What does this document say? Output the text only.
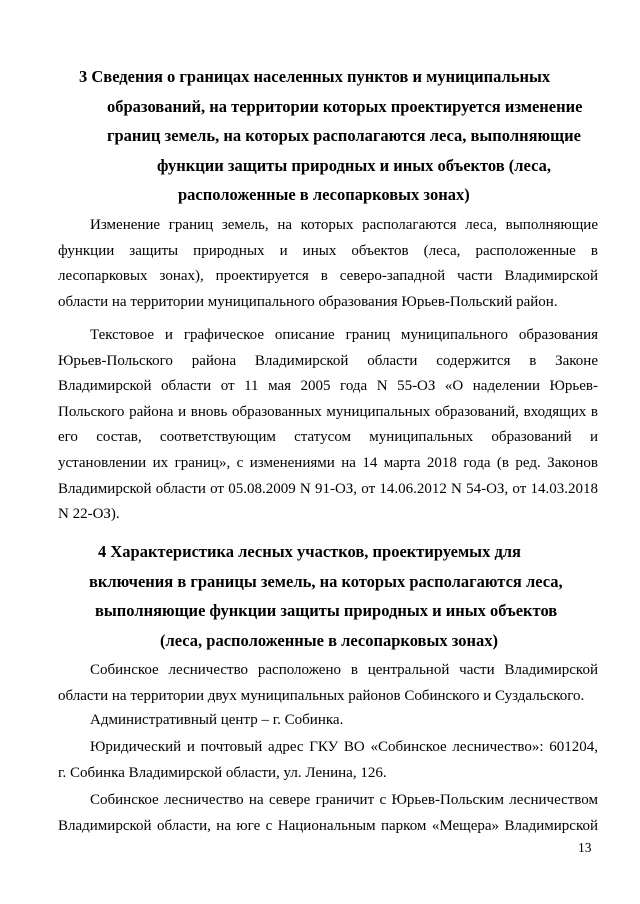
3 Сведения о границах населенных пунктов и муниципальных
образований, на территории которых проектируется изменение
границ земель, на которых располагаются леса, выполняющие
функции защиты природных и иных объектов (леса,
расположенные в лесопарковых зонах)

Изменение границ земель, на которых располагаются леса, выполняющие
функции защиты природных и иных объектов (леса, расположенные в
лесопарковых зонах), проектируется в северо-западной части Владимирской
области на территории муниципального образования Юрьев-Польский район.

Текстовое и графическое описание границ муниципального образования
Юрьев-Польского района Владимирской области содержится в Законе
Владимирской области от 11 мая 2005 года N 55-ОЗ «О наделении Юрьев-
Польского района и вновь образованных муниципальных образований, входящих в
его состав, соответствующим статусом муниципальных образований и
установлении их границ», с изменениями на 14 марта 2018 года (в ред. Законов
Владимирской области от 05.08.2009 N 91-ОЗ, от 14.06.2012 N 54-ОЗ, от 14.03.2018
N 22-ОЗ).

4 Характеристика лесных участков, проектируемых для
включения в границы земель, на которых располагаются леса,
выполняющие функции защиты природных и иных объектов
(леса, расположенные в лесопарковых зонах)

Собинское лесничество расположено в центральной части Владимирской
области на территории двух муниципальных районов Собинского и Суздальского.

Административный центр – г. Собинка.

Юридический и почтовый адрес ГКУ ВО «Собинское лесничество»: 601204,
г. Собинка Владимирской области, ул. Ленина, 126.

Собинское лесничество на севере граничит с Юрьев-Польским лесничеством
Владимирской области, на юге с Национальным парком «Мещера» Владимирской

13
